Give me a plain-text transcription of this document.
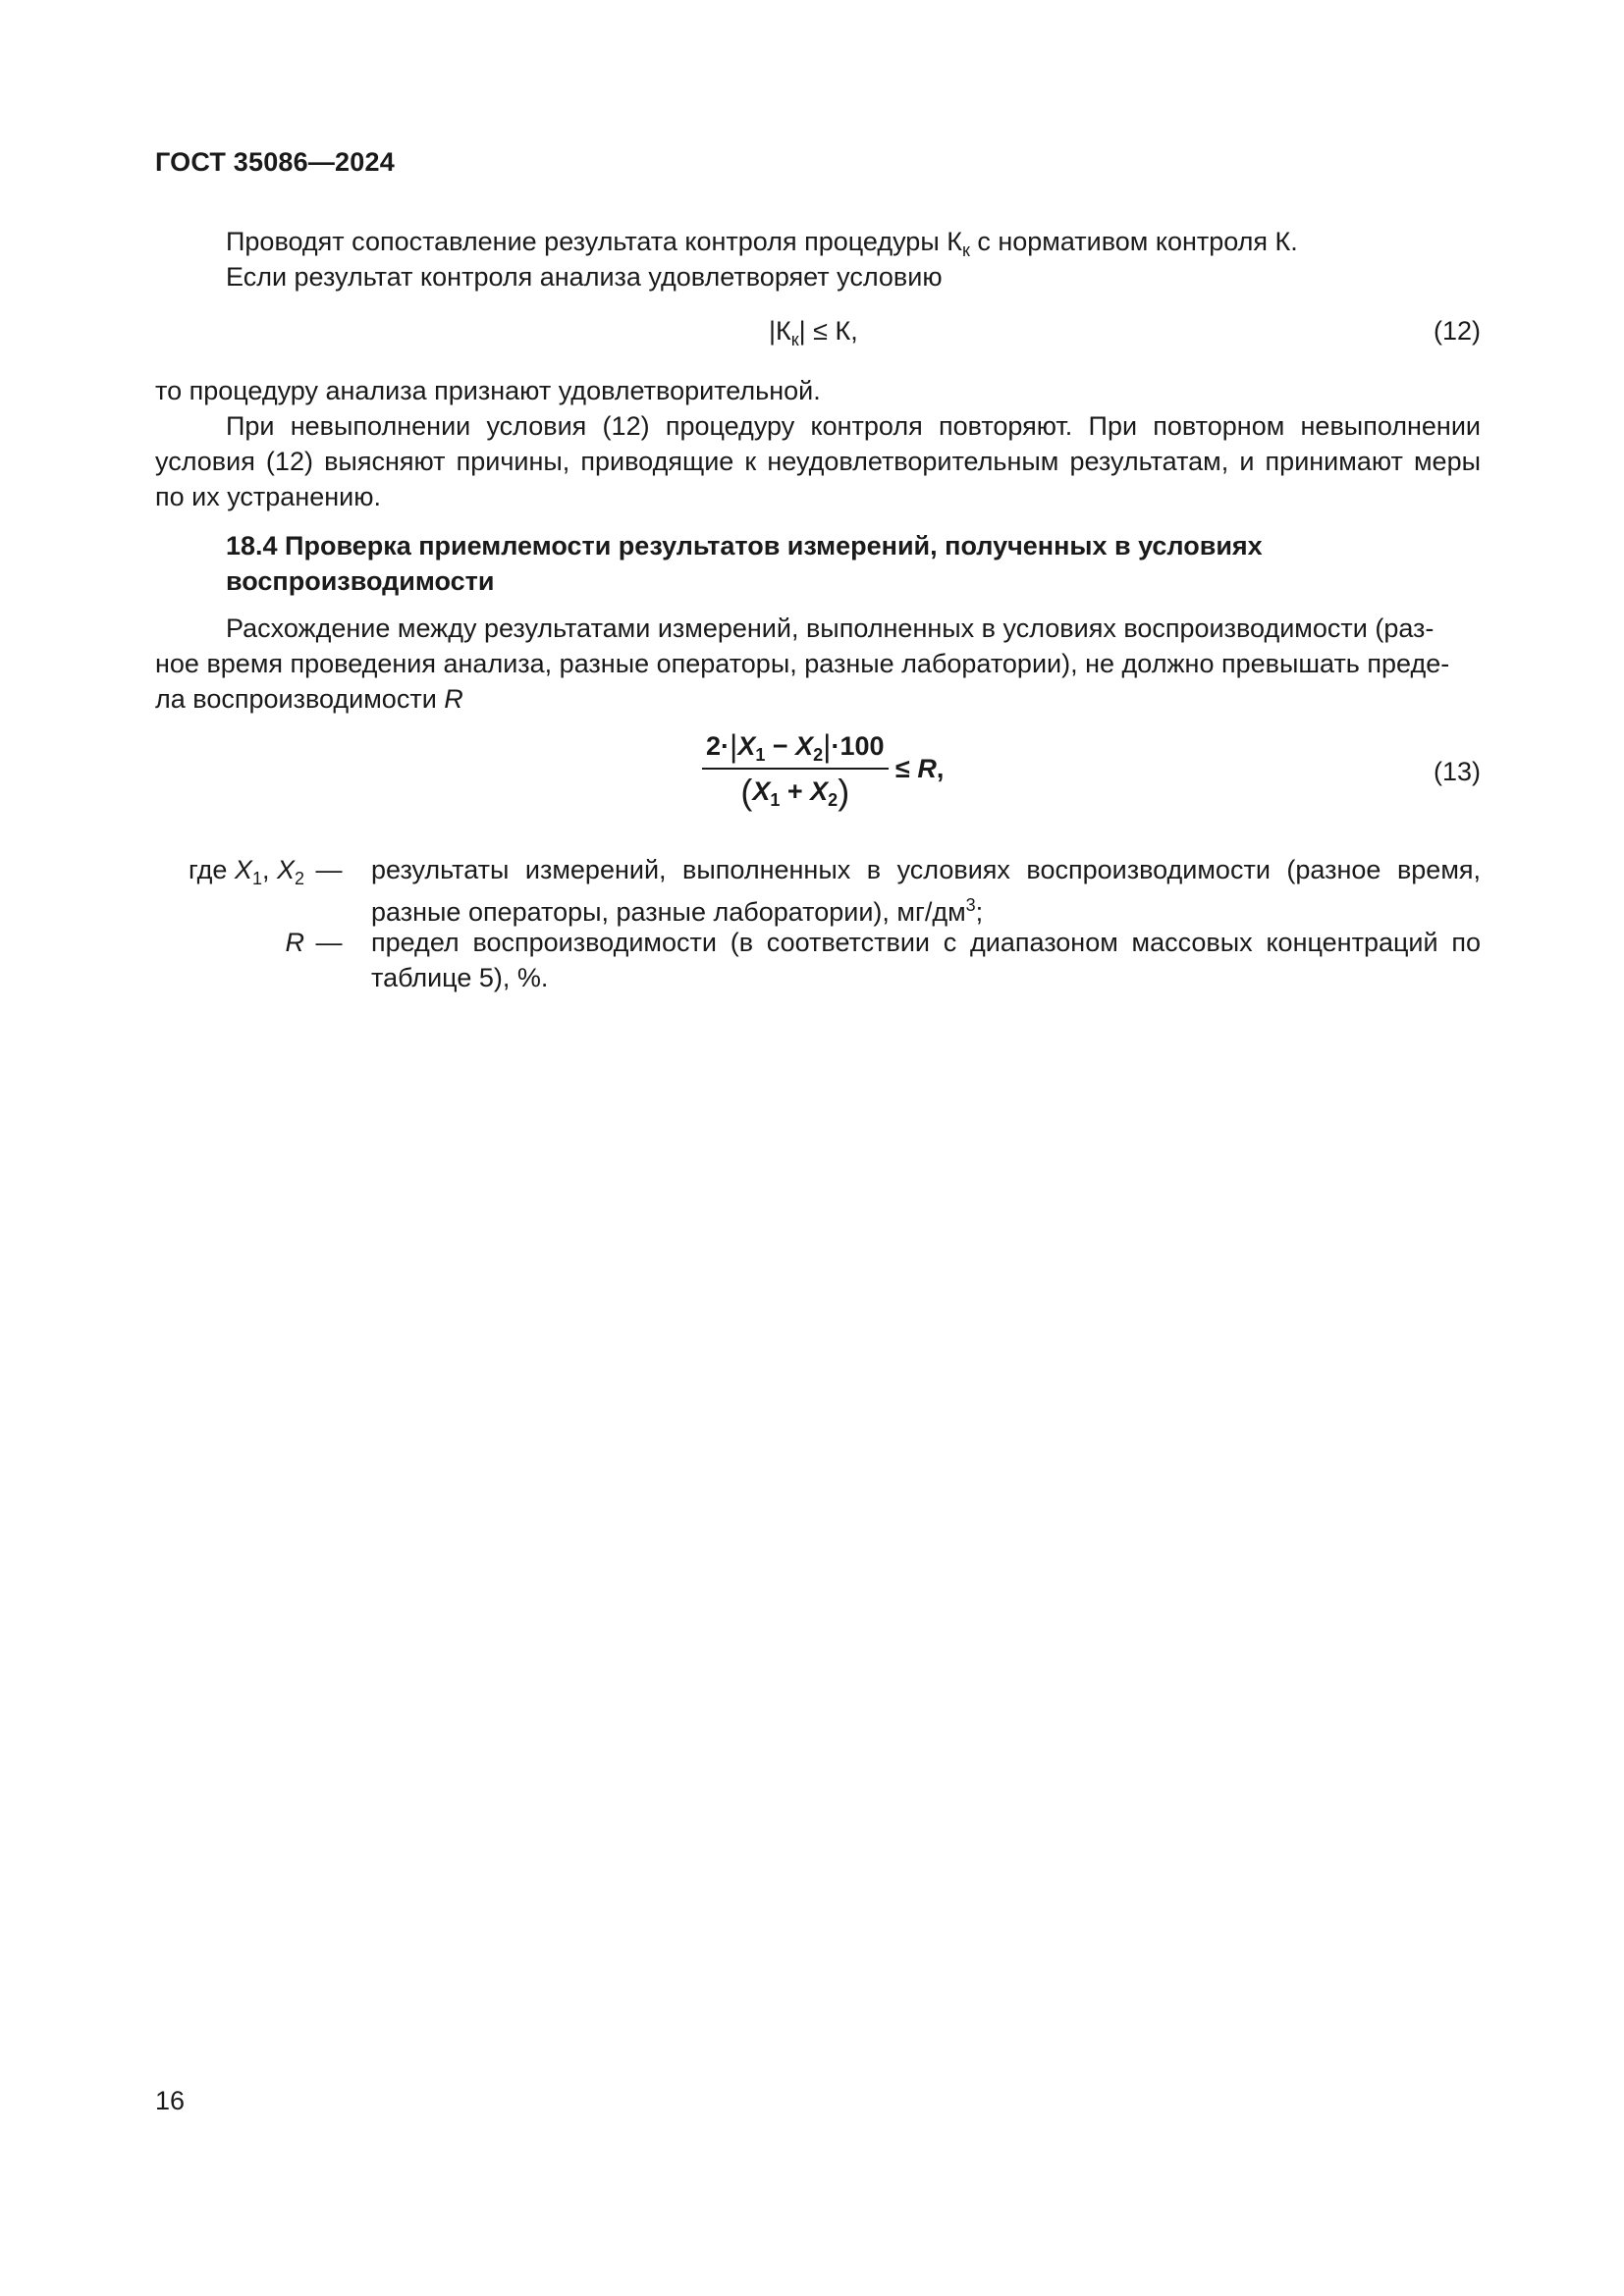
ГОСТ 35086—2024
Проводят сопоставление результата контроля процедуры $К_к$ с нормативом контроля К.
Если результат контроля анализа удовлетворяет условию
$|К_к| \le К$,	(12)
то процедуру анализа признают удовлетворительной.
При невыполнении условия (12) процедуру контроля повторяют. При повторном невыполнении условия (12) выясняют причины, приводящие к неудовлетворительным результатам, и принимают меры по их устранению.
18.4 Проверка приемлемости результатов измерений, полученных в условиях
воспроизводимости
Расхождение между результатами измерений, выполненных в условиях воспроизводимости (раз-
ное время проведения анализа, разные операторы, разные лаборатории), не должно превышать преде-
ла воспроизводимости R
$\frac{2\cdot|X_1 - X_2|\cdot 100}{(X_1 + X_2)} \le R$,	(13)
где $X_1$, $X_2$ — результаты измерений, выполненных в условиях воспроизводимости (разное время, разные операторы, разные лаборатории), $мг/дм^3$;
R — предел воспроизводимости (в соответствии с диапазоном массовых концентраций по таблице 5), %.
16
